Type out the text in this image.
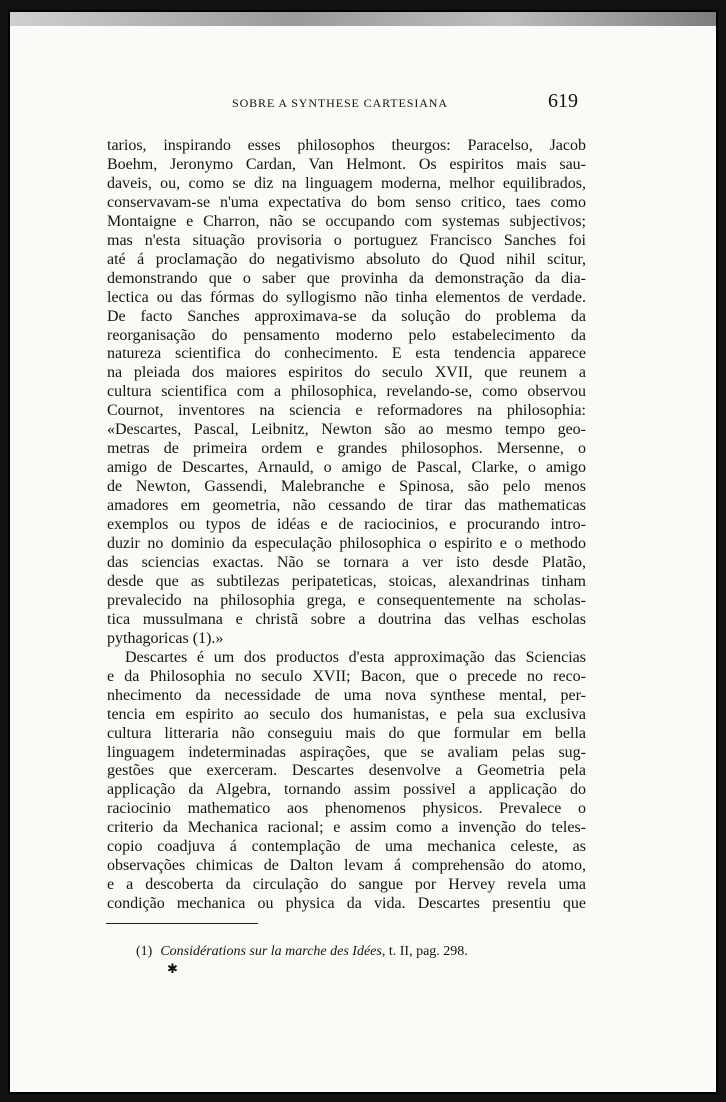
SOBRE A SYNTHESE CARTESIANA	619
tarios, inspirando esses philosophos theurgos: Paracelso, Jacob
Boehm, Jeronymo Cardan, Van Helmont. Os espiritos mais sau-
daveis, ou, como se diz na linguagem moderna, melhor equilibrados,
conservavam-se n'uma expectativa do bom senso critico, taes como
Montaigne e Charron, não se occupando com systemas subjectivos;
mas n'esta situação provisoria o portuguez Francisco Sanches foi
até á proclamação do negativismo absoluto do Quod nihil scitur,
demonstrando que o saber que provinha da demonstração da dia-
lectica ou das fórmas do syllogismo não tinha elementos de verdade.
De facto Sanches approximava-se da solução do problema da
reorganisação do pensamento moderno pelo estabelecimento da
natureza scientifica do conhecimento. E esta tendencia apparece
na pleiada dos maiores espiritos do seculo XVII, que reunem a
cultura scientifica com a philosophica, revelando-se, como observou
Cournot, inventores na sciencia e reformadores na philosophia:
«Descartes, Pascal, Leibnitz, Newton são ao mesmo tempo geo-
metras de primeira ordem e grandes philosophos. Mersenne, o
amigo de Descartes, Arnauld, o amigo de Pascal, Clarke, o amigo
de Newton, Gassendi, Malebranche e Spinosa, são pelo menos
amadores em geometria, não cessando de tirar das mathematicas
exemplos ou typos de idéas e de raciocinios, e procurando intro-
duzir no dominio da especulação philosophica o espirito e o methodo
das sciencias exactas. Não se tornara a ver isto desde Platão,
desde que as subtilezas peripateticas, stoicas, alexandrinas tinham
prevalecido na philosophia grega, e consequentemente na scholas-
tica mussulmana e christã sobre a doutrina das velhas escholas
pythagoricas (1).»
Descartes é um dos productos d'esta approximação das Sciencias
e da Philosophia no seculo XVII; Bacon, que o precede no reco-
nhecimento da necessidade de uma nova synthese mental, per-
tencia em espirito ao seculo dos humanistas, e pela sua exclusiva
cultura litteraria não conseguiu mais do que formular em bella
linguagem indeterminadas aspirações, que se avaliam pelas sug-
gestões que exerceram. Descartes desenvolve a Geometria pela
applicação da Algebra, tornando assim possivel a applicação do
raciocinio mathematico aos phenomenos physicos. Prevalece o
criterio da Mechanica racional; e assim como a invenção do teles-
copio coadjuva á contemplação de uma mechanica celeste, as
observações chimicas de Dalton levam á comprehensão do atomo,
e a descoberta da circulação do sangue por Hervey revela uma
condição mechanica ou physica da vida. Descartes presentiu que
(1) Considérations sur la marche des Idées, t. II, pag. 298.
✱
